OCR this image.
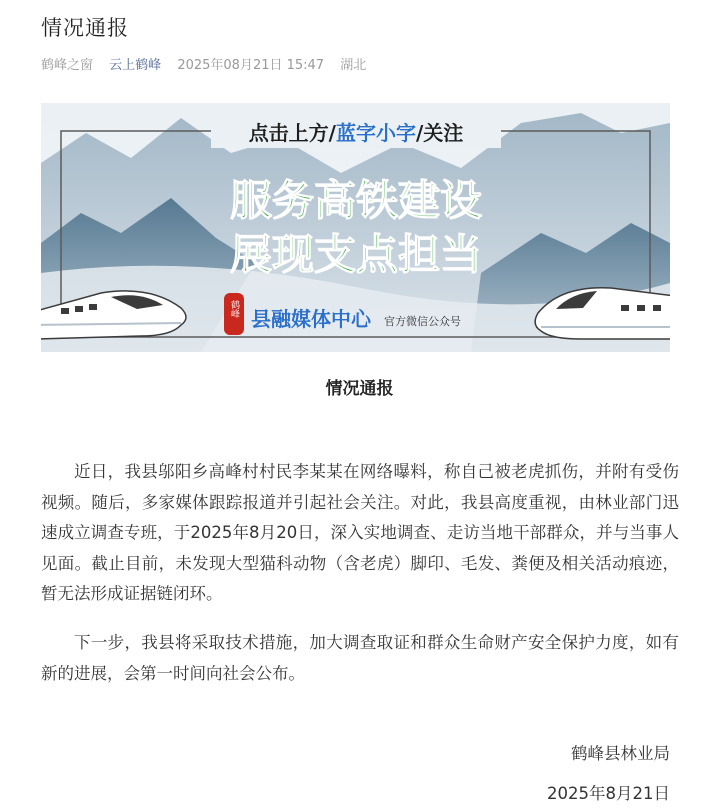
情况通报
鹤峰之窗 云上鹤峰 2025年08月21日 15:47 湖北
点击上方/蓝字小字/关注
服务高铁建设
展现支点担当
鹤峰 县融媒体中心 官方微信公众号
情况通报

近日，我县邬阳乡高峰村村民李某某在网络曝料，称自己被老虎抓伤，并附有受伤视频。随后，多家媒体跟踪报道并引起社会关注。对此，我县高度重视，由林业部门迅速成立调查专班，于2025年8月20日，深入实地调查、走访当地干部群众，并与当事人见面。截止目前，未发现大型猫科动物（含老虎）脚印、毛发、粪便及相关活动痕迹，暂无法形成证据链闭环。

下一步，我县将采取技术措施，加大调查取证和群众生命财产安全保护力度，如有新的进展，会第一时间向社会公布。

鹤峰县林业局
2025年8月21日
